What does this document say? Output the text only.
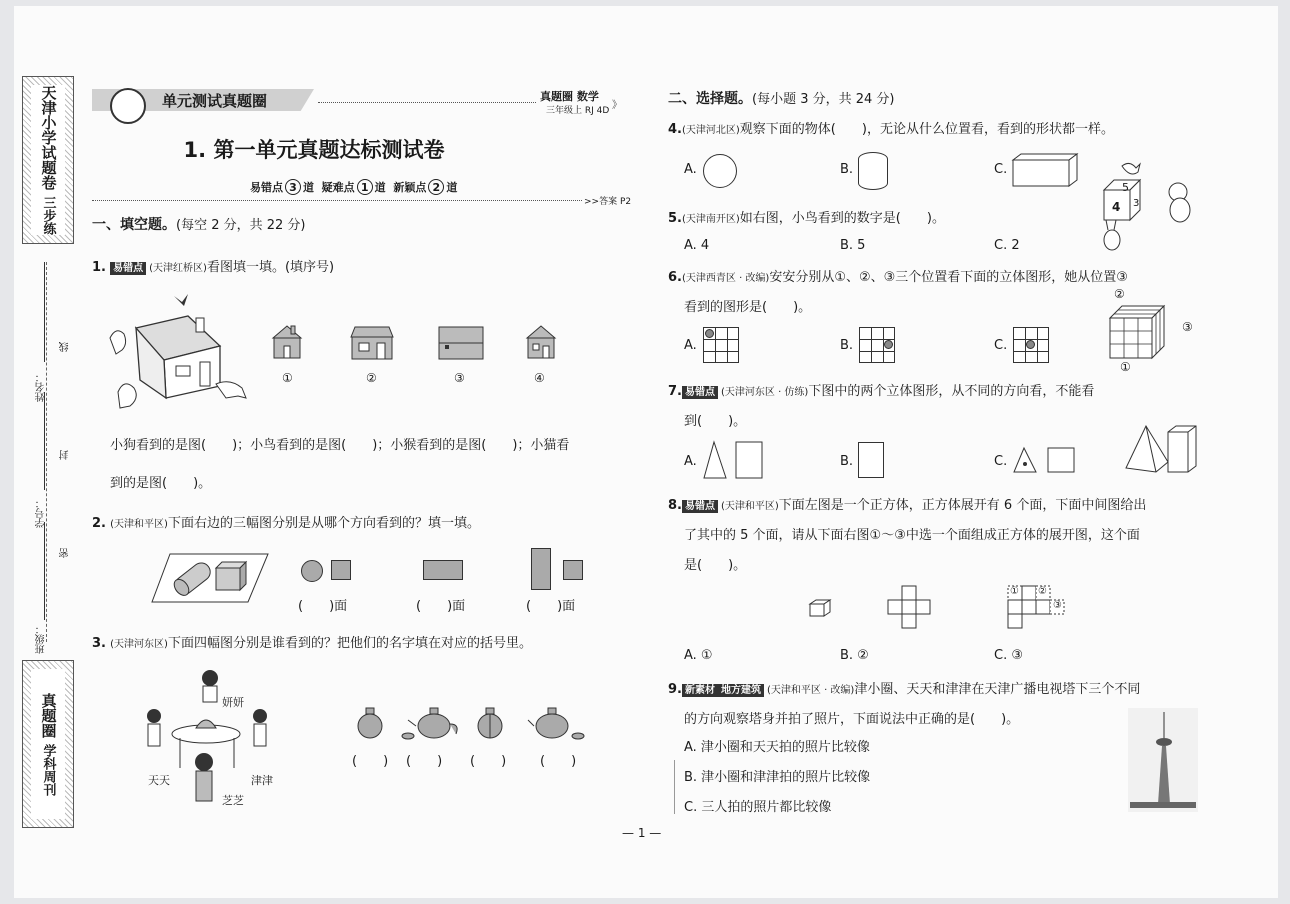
天津小学试题卷
三步练
真题圈
学科周刊
姓名：
线
封
学号：
密
班级：
单元测试真题圈	真题圈 数学
三年级上 RJ 4D 》
1. 第一单元真题达标测试卷
易错点 3 道 疑难点 1 道 新颖点 2 道
>>答案 P2
一、填空题。(每空 2 分，共 22 分)
1. 易错点 (天津红桥区)看图填一填。(填序号)
①	②	③	④
小狗看到的是图(　　)；小鸟看到的是图(　　)；小猴看到的是图(　　)；小猫看
到的是图(　　)。
2. (天津和平区)下面右边的三幅图分别是从哪个方向看到的？填一填。
(　　)面	(　　)面	(　　)面
3. (天津河东区)下面四幅图分别是谁看到的？把他们的名字填在对应的括号里。
妍妍
天天	津津
芝芝
(　　) (　　) (　　)	(　　)
二、选择题。(每小题 3 分，共 24 分)
4.(天津河北区)观察下面的物体(　　)，无论从什么位置看，看到的形状都一样。
A.	B.	C.
5.(天津南开区)如右图，小鸟看到的数字是(　　)。
A. 4	B. 5	C. 2
5
4 3
6.(天津西青区 · 改编)安安分别从①、②、③三个位置看下面的立体图形，她从位置③
看到的图形是(　　)。
A.	B.	C.
②
③
①
7. 易错点 (天津河东区 · 仿练)下图中的两个立体图形，从不同的方向看，不能看
到(　　)。
A.	B.	C.
8. 易错点 (天津和平区)下面左图是一个正方体，正方体展开有 6 个面，下面中间图给出
了其中的 5 个面，请从下面右图①～③中选一个面组成正方体的展开图，这个面
是(　　)。
① ②
③
A. ①	B. ②	C. ③
9. 新素材 地方建筑 (天津和平区 · 改编)津小圈、天天和津津在天津广播电视塔下三个不同
的方向观察塔身并拍了照片，下面说法中正确的是(　　)。
A. 津小圈和天天拍的照片比较像
B. 津小圈和津津拍的照片比较像
C. 三人拍的照片都比较像
— 1 —
